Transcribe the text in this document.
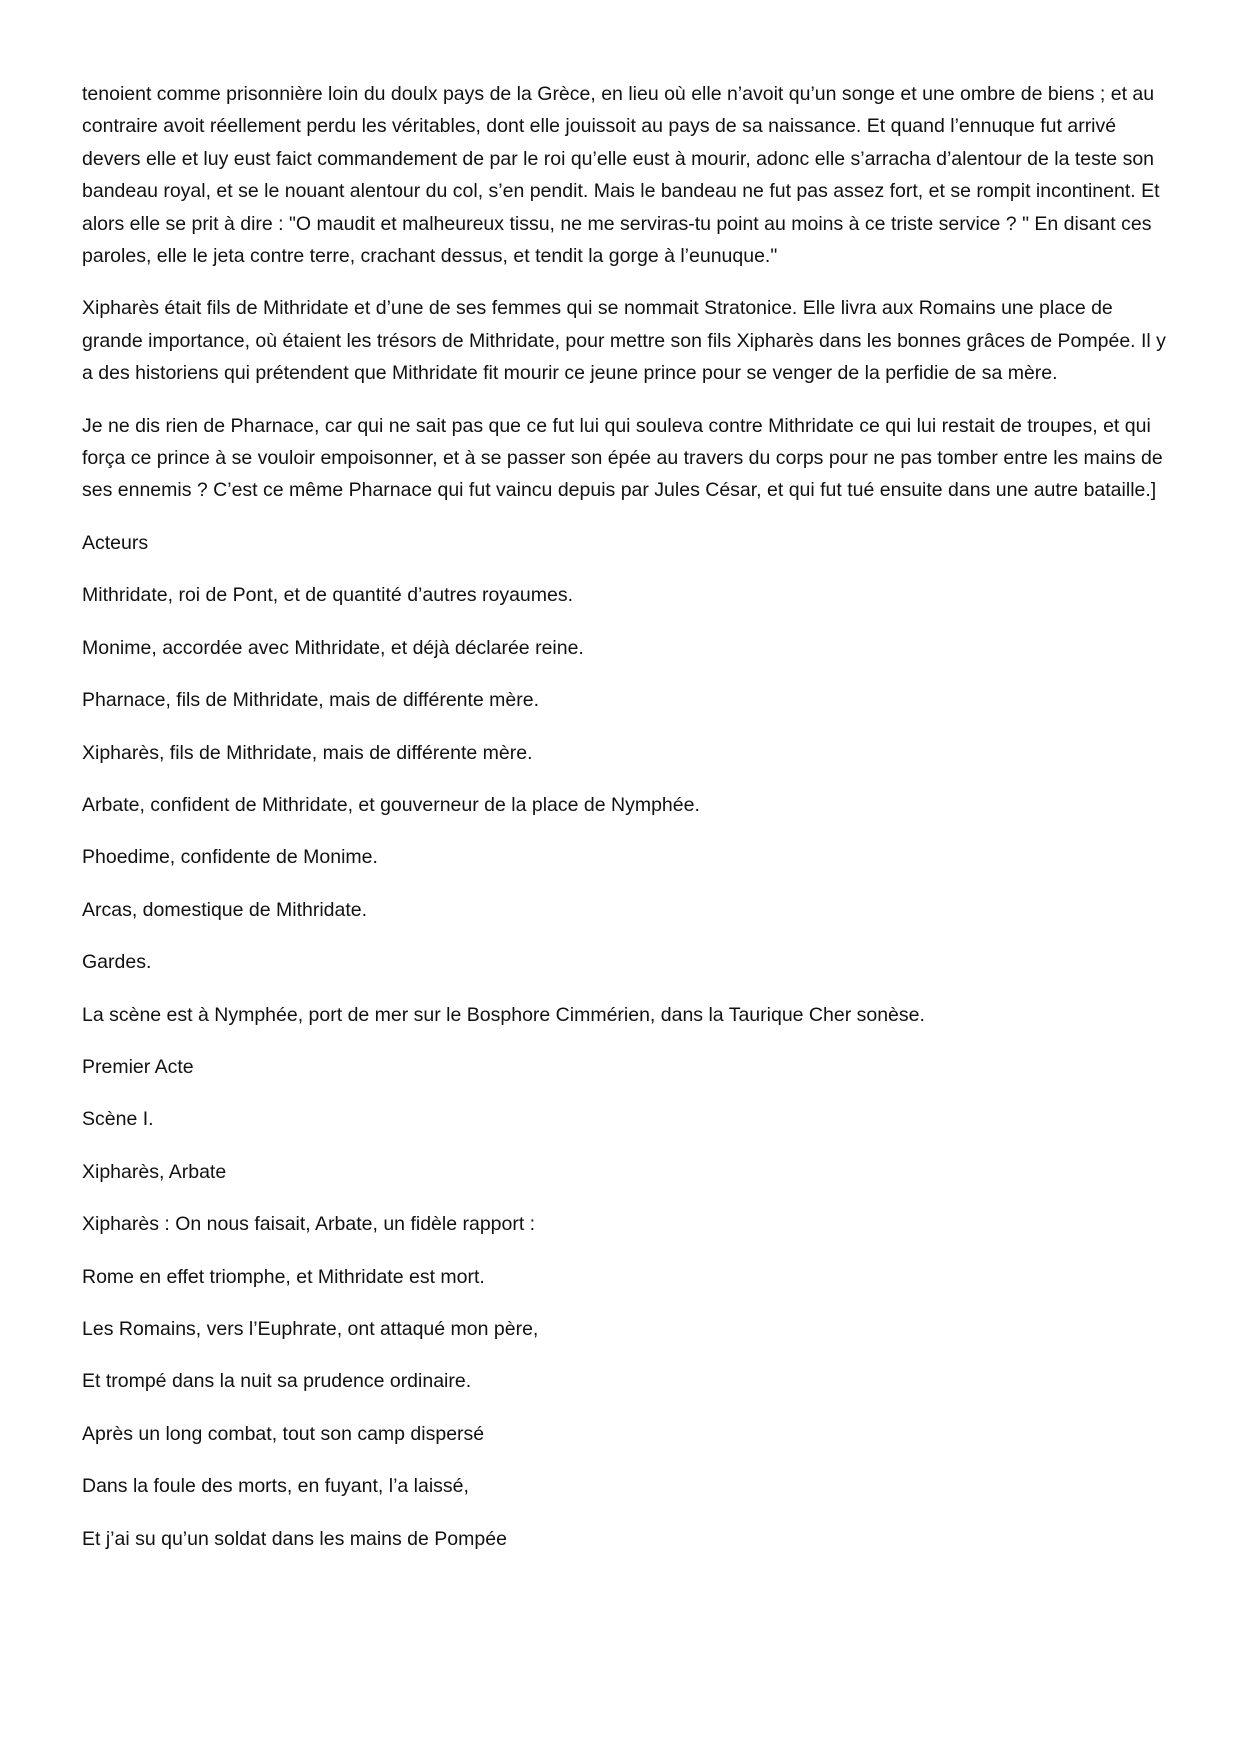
tenoient comme prisonnière loin du doulx pays de la Grèce, en lieu où elle n’avoit qu’un songe et une ombre de biens ; et au contraire avoit réellement perdu les véritables, dont elle jouissoit au pays de sa naissance. Et quand l’ennuque fut arrivé devers elle et luy eust faict commandement de par le roi qu’elle eust à mourir, adonc elle s’arracha d’alentour de la teste son bandeau royal, et se le nouant alentour du col, s’en pendit. Mais le bandeau ne fut pas assez fort, et se rompit incontinent. Et alors elle se prit à dire : "O maudit et malheureux tissu, ne me serviras-tu point au moins à ce triste service ? " En disant ces paroles, elle le jeta contre terre, crachant dessus, et tendit la gorge à l’eunuque."

Xipharès était fils de Mithridate et d’une de ses femmes qui se nommait Stratonice. Elle livra aux Romains une place de grande importance, où étaient les trésors de Mithridate, pour mettre son fils Xipharès dans les bonnes grâces de Pompée. Il y a des historiens qui prétendent que Mithridate fit mourir ce jeune prince pour se venger de la perfidie de sa mère.

Je ne dis rien de Pharnace, car qui ne sait pas que ce fut lui qui souleva contre Mithridate ce qui lui restait de troupes, et qui força ce prince à se vouloir empoisonner, et à se passer son épée au travers du corps pour ne pas tomber entre les mains de ses ennemis ? C’est ce même Pharnace qui fut vaincu depuis par Jules César, et qui fut tué ensuite dans une autre bataille.]

Acteurs

Mithridate, roi de Pont, et de quantité d’autres royaumes.

Monime, accordée avec Mithridate, et déjà déclarée reine.

Pharnace, fils de Mithridate, mais de différente mère.

Xipharès, fils de Mithridate, mais de différente mère.

Arbate, confident de Mithridate, et gouverneur de la place de Nymphée.

Phoedime, confidente de Monime.

Arcas, domestique de Mithridate.

Gardes.

La scène est à Nymphée, port de mer sur le Bosphore Cimmérien, dans la Taurique Cher sonèse.

Premier Acte

Scène I.

Xipharès, Arbate

Xipharès : On nous faisait, Arbate, un fidèle rapport :

Rome en effet triomphe, et Mithridate est mort.

Les Romains, vers l’Euphrate, ont attaqué mon père,

Et trompé dans la nuit sa prudence ordinaire.

Après un long combat, tout son camp dispersé

Dans la foule des morts, en fuyant, l’a laissé,

Et j’ai su qu’un soldat dans les mains de Pompée
